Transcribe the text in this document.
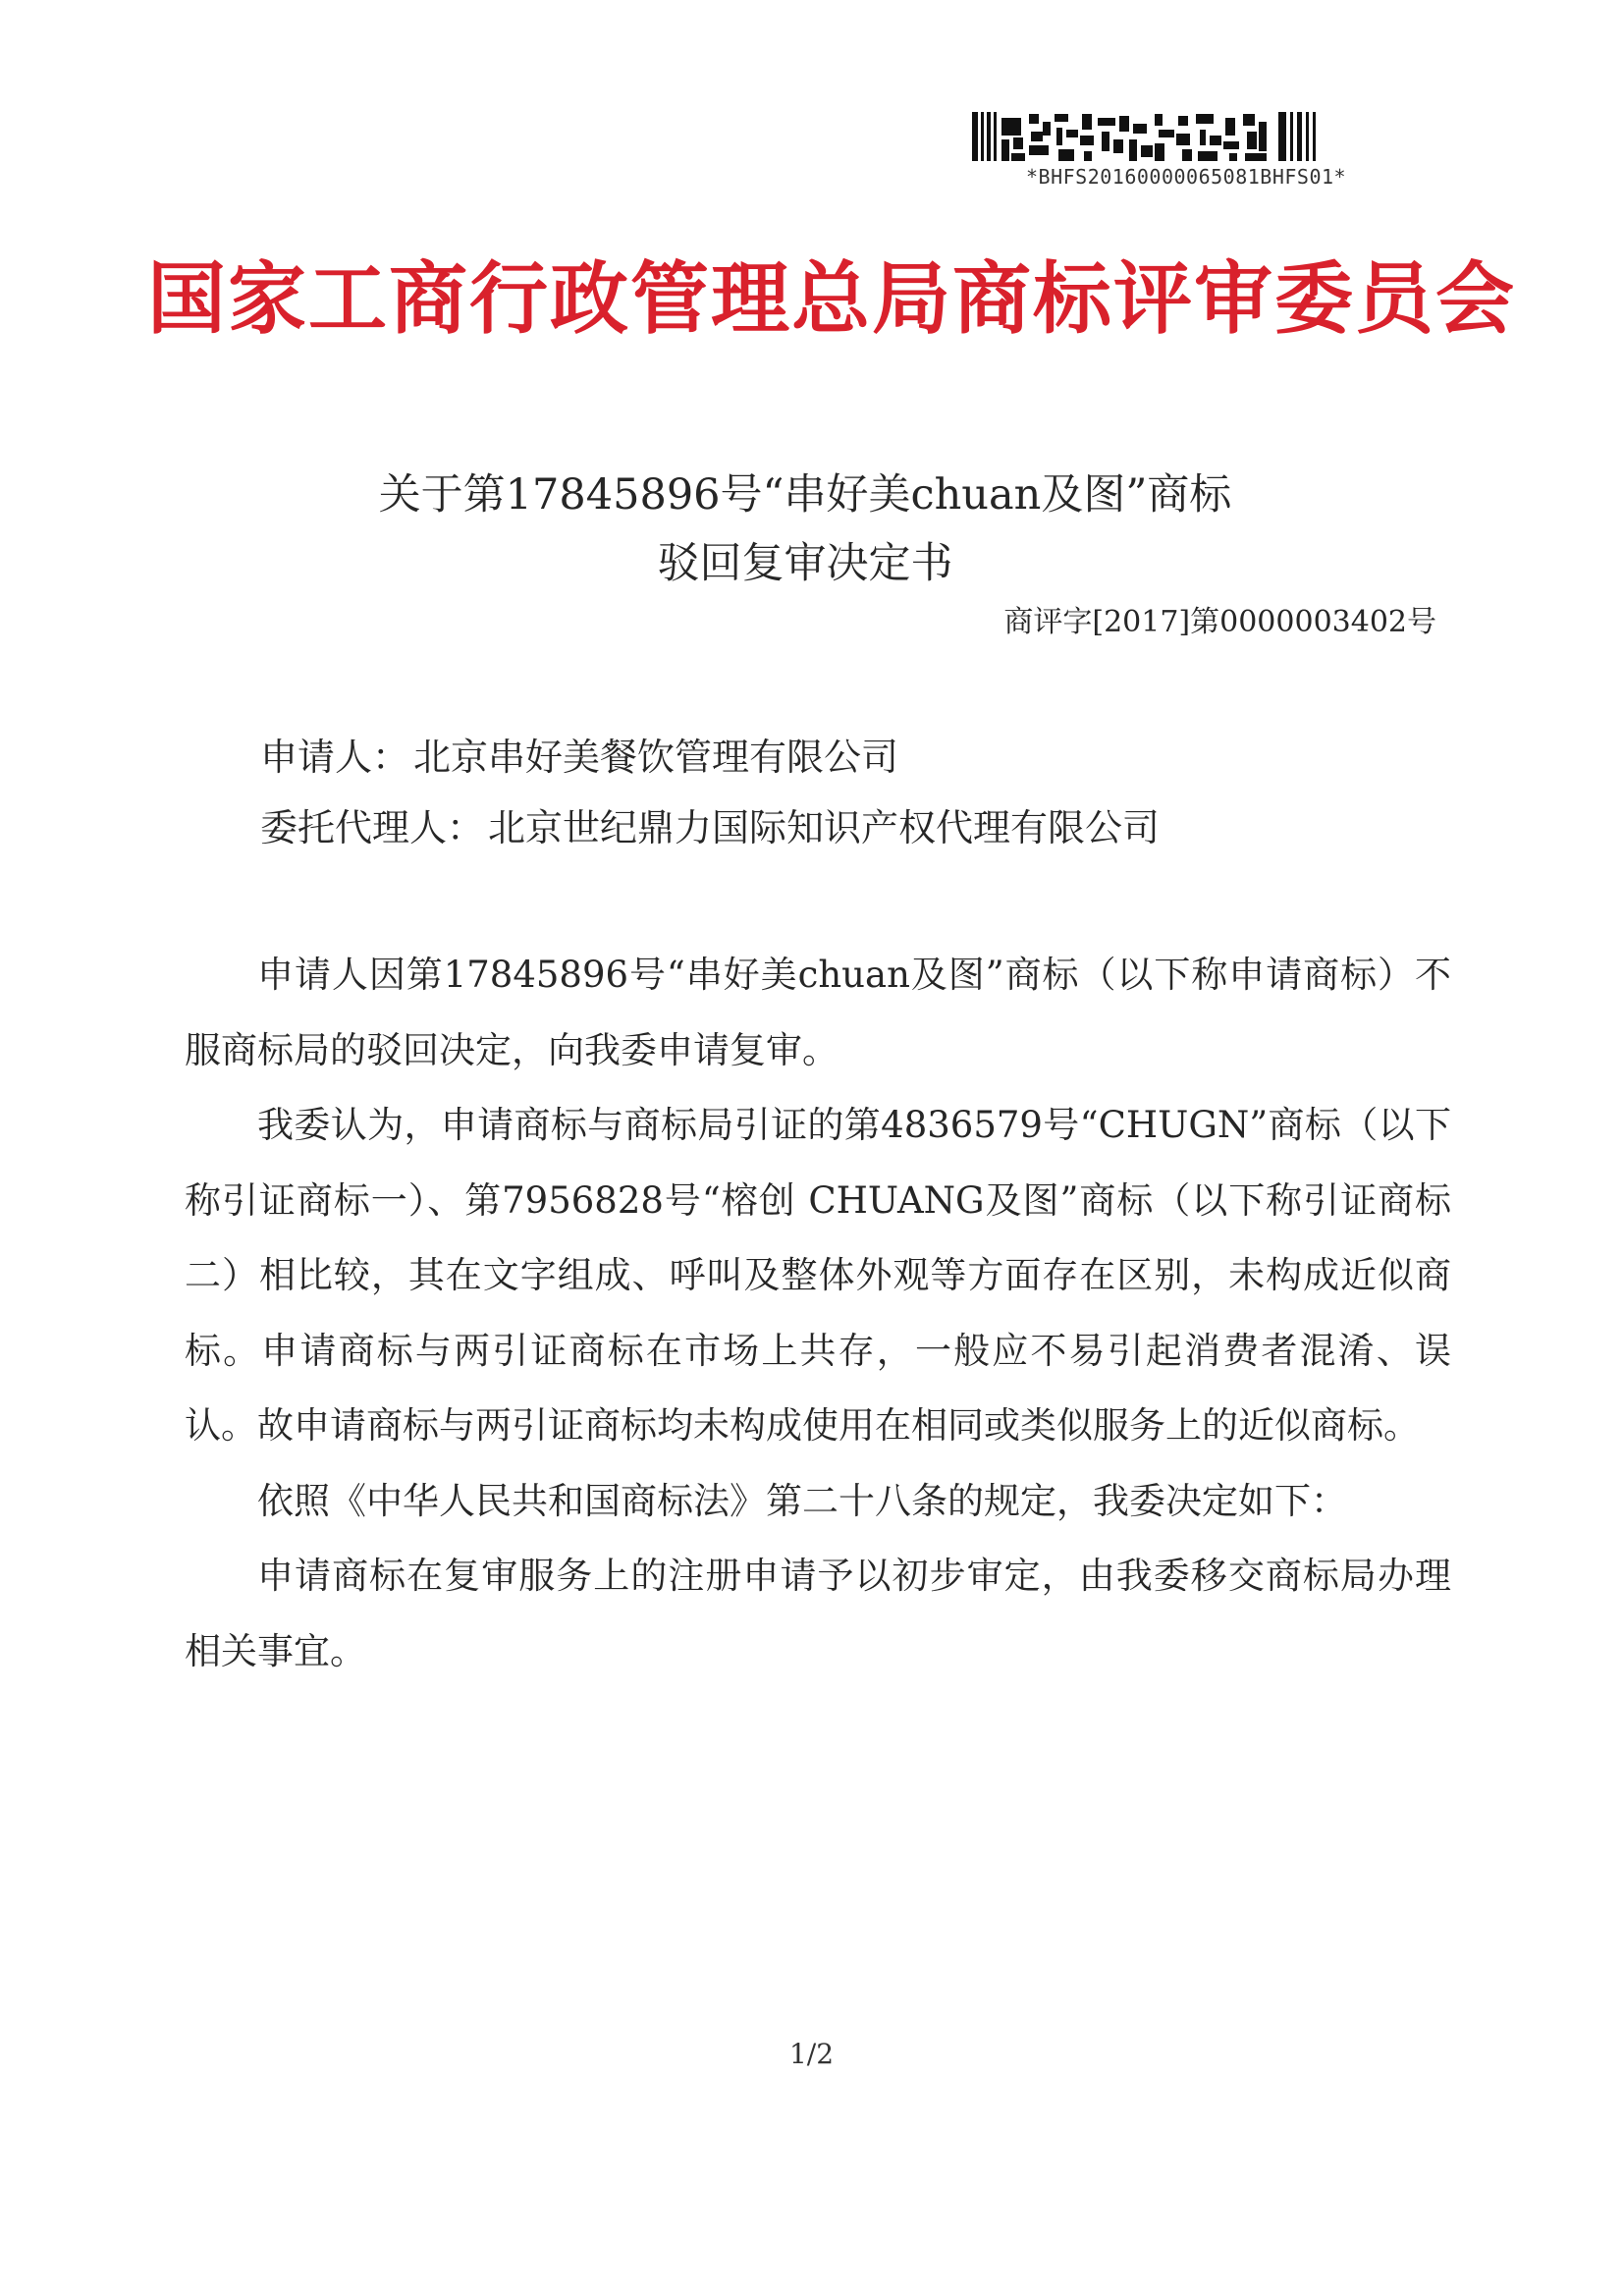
*BHFS20160000065081BHFS01*
国家工商行政管理总局商标评审委员会
关于第17845896号“串好美chuan及图”商标
驳回复审决定书
商评字[2017]第0000003402号
申请人： 北京串好美餐饮管理有限公司
委托代理人： 北京世纪鼎力国际知识产权代理有限公司

申请人因第17845896号“串好美chuan及图”商标（以下称申请商标）不服商标局的驳回决定，向我委申请复审。

我委认为，申请商标与商标局引证的第4836579号“CHUGN”商标（以下称引证商标一）、第7956828号“榕创 CHUANG及图”商标（以下称引证商标二）相比较，其在文字组成、呼叫及整体外观等方面存在区别，未构成近似商标。申请商标与两引证商标在市场上共存，一般应不易引起消费者混淆、误认。故申请商标与两引证商标均未构成使用在相同或类似服务上的近似商标。

依照《中华人民共和国商标法》第二十八条的规定，我委决定如下：

申请商标在复审服务上的注册申请予以初步审定，由我委移交商标局办理相关事宜。

1/2
